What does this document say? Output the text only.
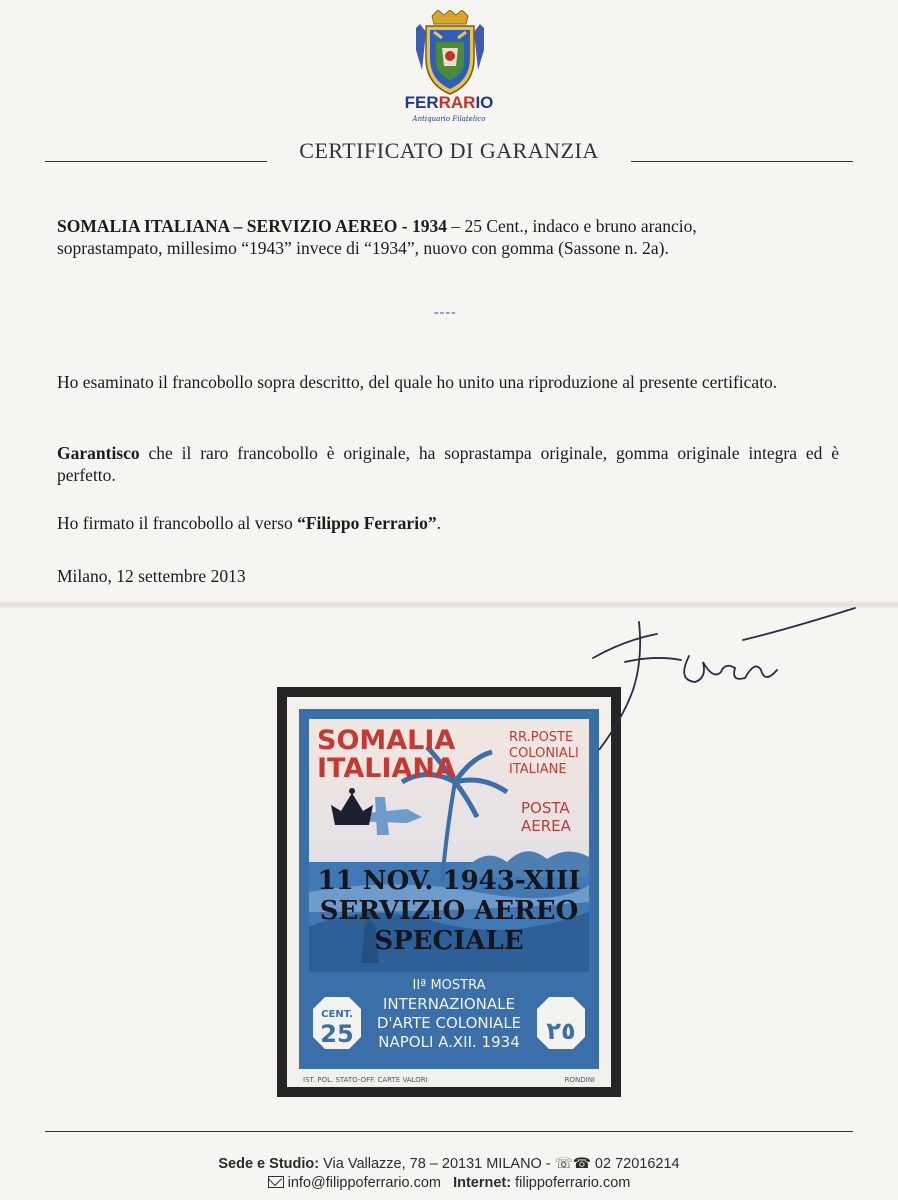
FERRARIO
Antiquario Filatelico
CERTIFICATO DI GARANZIA
SOMALIA ITALIANA – SERVIZIO AEREO - 1934 – 25 Cent., indaco e bruno arancio,
soprastampato, millesimo “1943” invece di “1934”, nuovo con gomma (Sassone n. 2a).
----
Ho esaminato il francobollo sopra descritto, del quale ho unito una riproduzione al presente certificato.
Garantisco che il raro francobollo è originale, ha soprastampa originale, gomma originale integra ed è perfetto.
Ho firmato il francobollo al verso “Filippo Ferrario”.
Milano, 12 settembre 2013
SOMALIA
ITALIANA
RR.POSTE
COLONIALI
ITALIANE
POSTA
AEREA
11 NOV. 1943-XIII
SERVIZIO AEREO
SPECIALE
IIª MOSTRA
INTERNAZIONALE
D'ARTE COLONIALE
NAPOLI A.XII. 1934
CENT.
25	٢٥
IST. POL. STATO-OFF. CARTE VALORI	RONDINI
Sede e Studio: Via Vallazze, 78 – 20131 MILANO - ☏☎ 02 72016214
info@filippoferrario.com Internet: filippoferrario.com
